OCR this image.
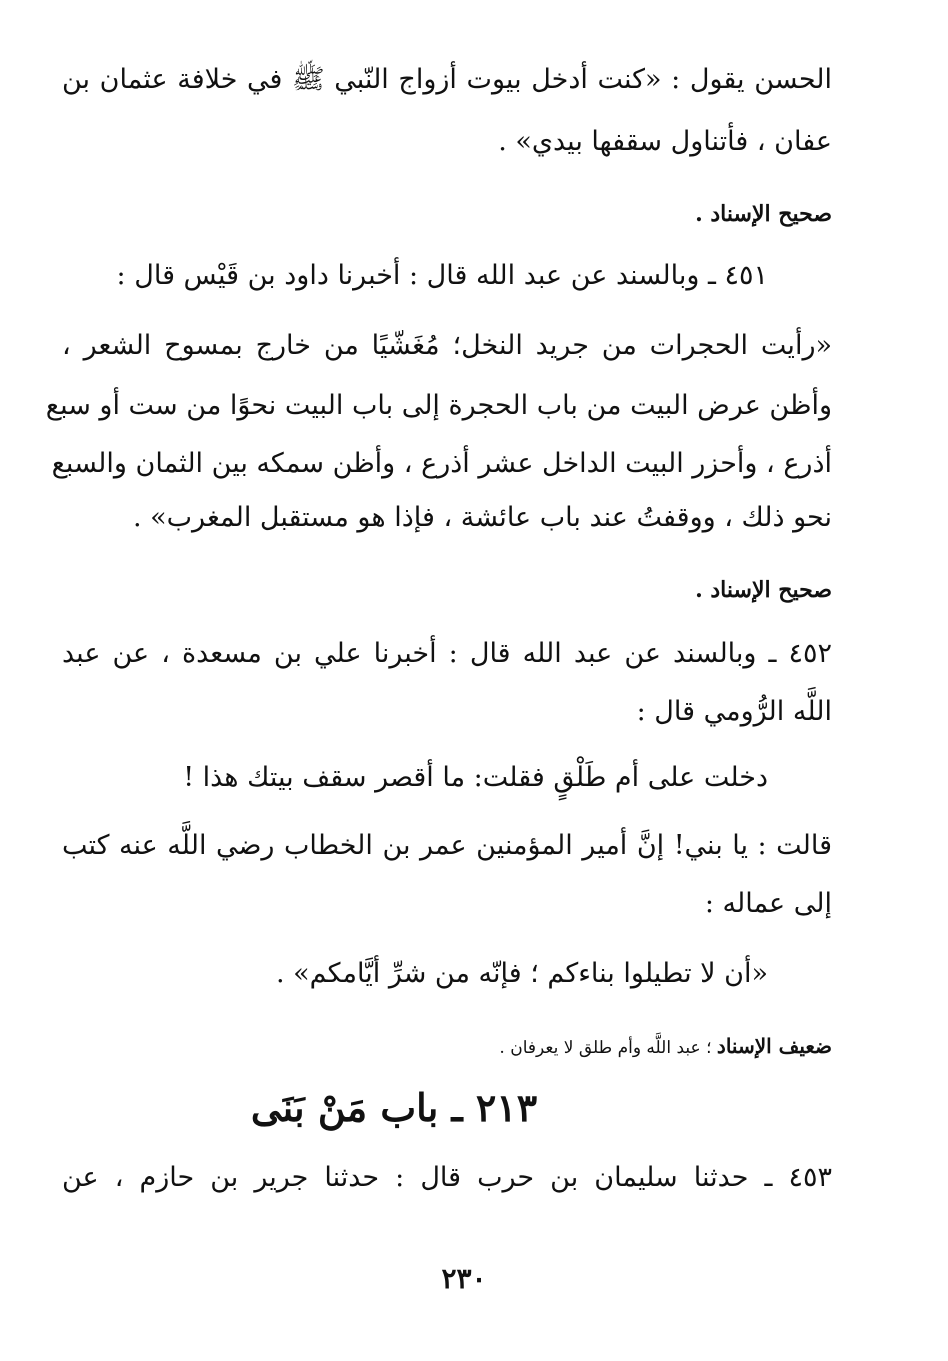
الحسن يقول : «كنت أدخل بيوت أزواج النّبي ﷺ في خلافة عثمان بن
عفان ، فأتناول سقفها بيدي» .
صحيح الإسناد .
٤٥١ ـ وبالسند عن عبد الله قال : أخبرنا داود بن قَيْس قال :
«رأيت الحجرات من جريد النخل؛ مُغَشّيًا من خارج بمسوح الشعر ،
وأظن عرض البيت من باب الحجرة إلى باب البيت نحوًا من ست أو سبع
أذرع ، وأحزر البيت الداخل عشر أذرع ، وأظن سمكه بين الثمان والسبع
نحو ذلك ، ووقفتُ عند باب عائشة ، فإذا هو مستقبل المغرب» .
صحيح الإسناد .
٤٥٢ ـ وبالسند عن عبد الله قال : أخبرنا علي بن مسعدة ، عن عبد
اللَّه الرُّومي قال :
دخلت على أم طَلْقٍ فقلت: ما أقصر سقف بيتك هذا !
قالت : يا بني! إنَّ أمير المؤمنين عمر بن الخطاب رضي اللَّه عنه كتب
إلى عماله :
«أن لا تطيلوا بناءكم ؛ فإنّه من شرِّ أيَّامكم» .
ضعيف الإسناد ؛ عبد اللَّه وأم طلق لا يعرفان .
٢١٣ ـ باب مَنْ بَنَى
٤٥٣ ـ حدثنا سليمان بن حرب قال : حدثنا جرير بن حازم ، عن
٢٣٠
